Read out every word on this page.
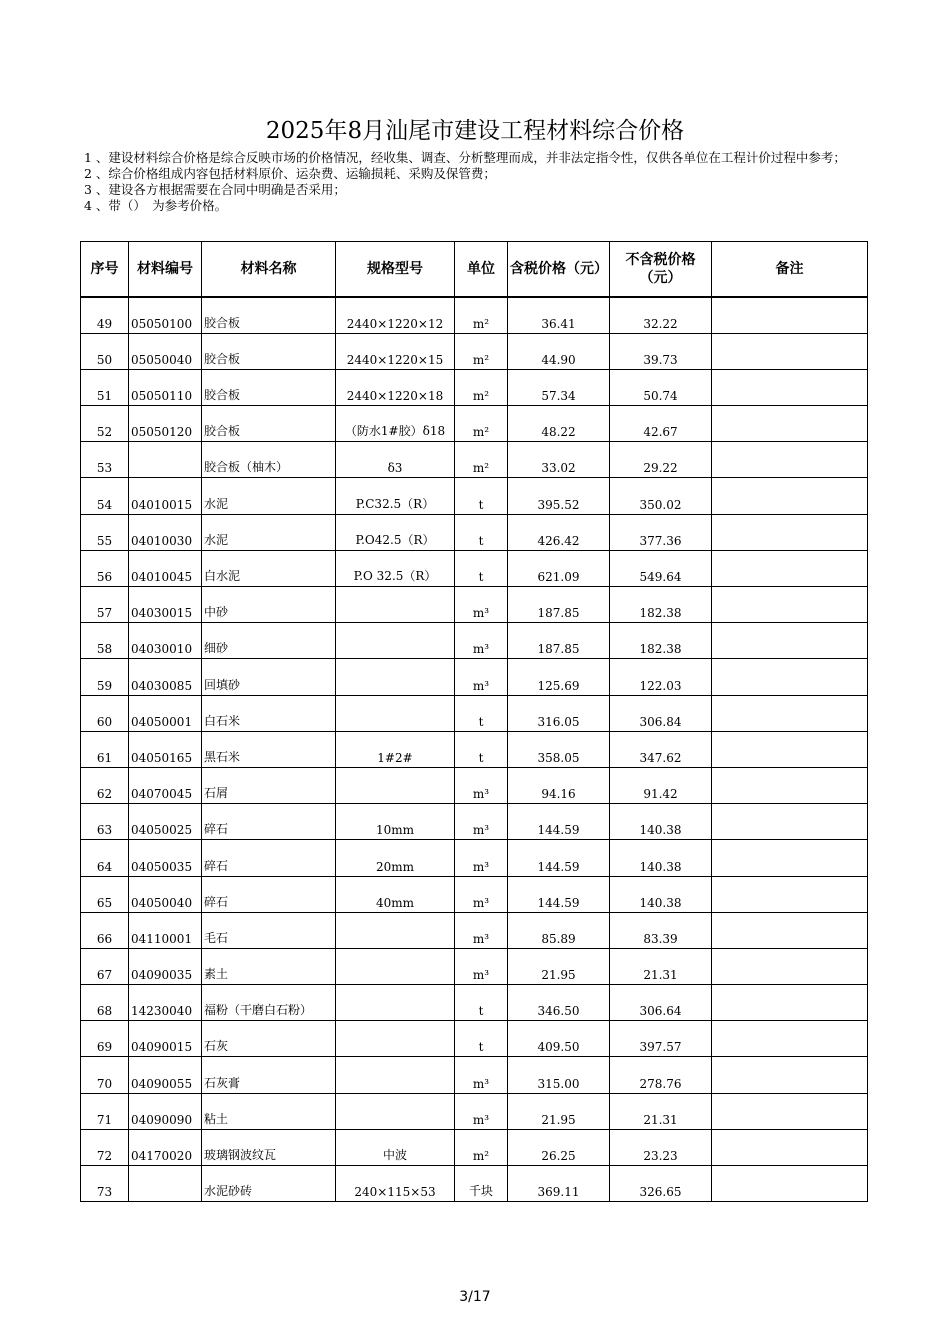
2025年8月汕尾市建设工程材料综合价格
1 、建设材料综合价格是综合反映市场的价格情况，经收集、调查、分析整理而成，并非法定指令性，仅供各单位在工程计价过程中参考；
2 、综合价格组成内容包括材料原价、运杂费、运输损耗、采购及保管费；
3 、建设各方根据需要在合同中明确是否采用；
4 、带（）　为参考价格。
序号	材料编号	材料名称	规格型号	单位	含税价格（元）	不含税价格（元）	备注
49	05050100	胶合板	2440×1220×12	m²	36.41	32.22	
50	05050040	胶合板	2440×1220×15	m²	44.90	39.73	
51	05050110	胶合板	2440×1220×18	m²	57.34	50.74	
52	05050120	胶合板	（防水1#胶）δ18	m²	48.22	42.67	
53		胶合板（柚木）	δ3	m²	33.02	29.22	
54	04010015	水泥	P.C32.5（R）	t	395.52	350.02	
55	04010030	水泥	P.O42.5（R）	t	426.42	377.36	
56	04010045	白水泥	P.O 32.5（R）	t	621.09	549.64	
57	04030015	中砂		m³	187.85	182.38	
58	04030010	细砂		m³	187.85	182.38	
59	04030085	回填砂		m³	125.69	122.03	
60	04050001	白石米		t	316.05	306.84	
61	04050165	黑石米	1#2#	t	358.05	347.62	
62	04070045	石屑		m³	94.16	91.42	
63	04050025	碎石	10mm	m³	144.59	140.38	
64	04050035	碎石	20mm	m³	144.59	140.38	
65	04050040	碎石	40mm	m³	144.59	140.38	
66	04110001	毛石		m³	85.89	83.39	
67	04090035	素土		m³	21.95	21.31	
68	14230040	福粉（干磨白石粉）		t	346.50	306.64	
69	04090015	石灰		t	409.50	397.57	
70	04090055	石灰膏		m³	315.00	278.76	
71	04090090	粘土		m³	21.95	21.31	
72	04170020	玻璃钢波纹瓦	中波	m²	26.25	23.23	
73		水泥砂砖	240×115×53	千块	369.11	326.65	
3/17
